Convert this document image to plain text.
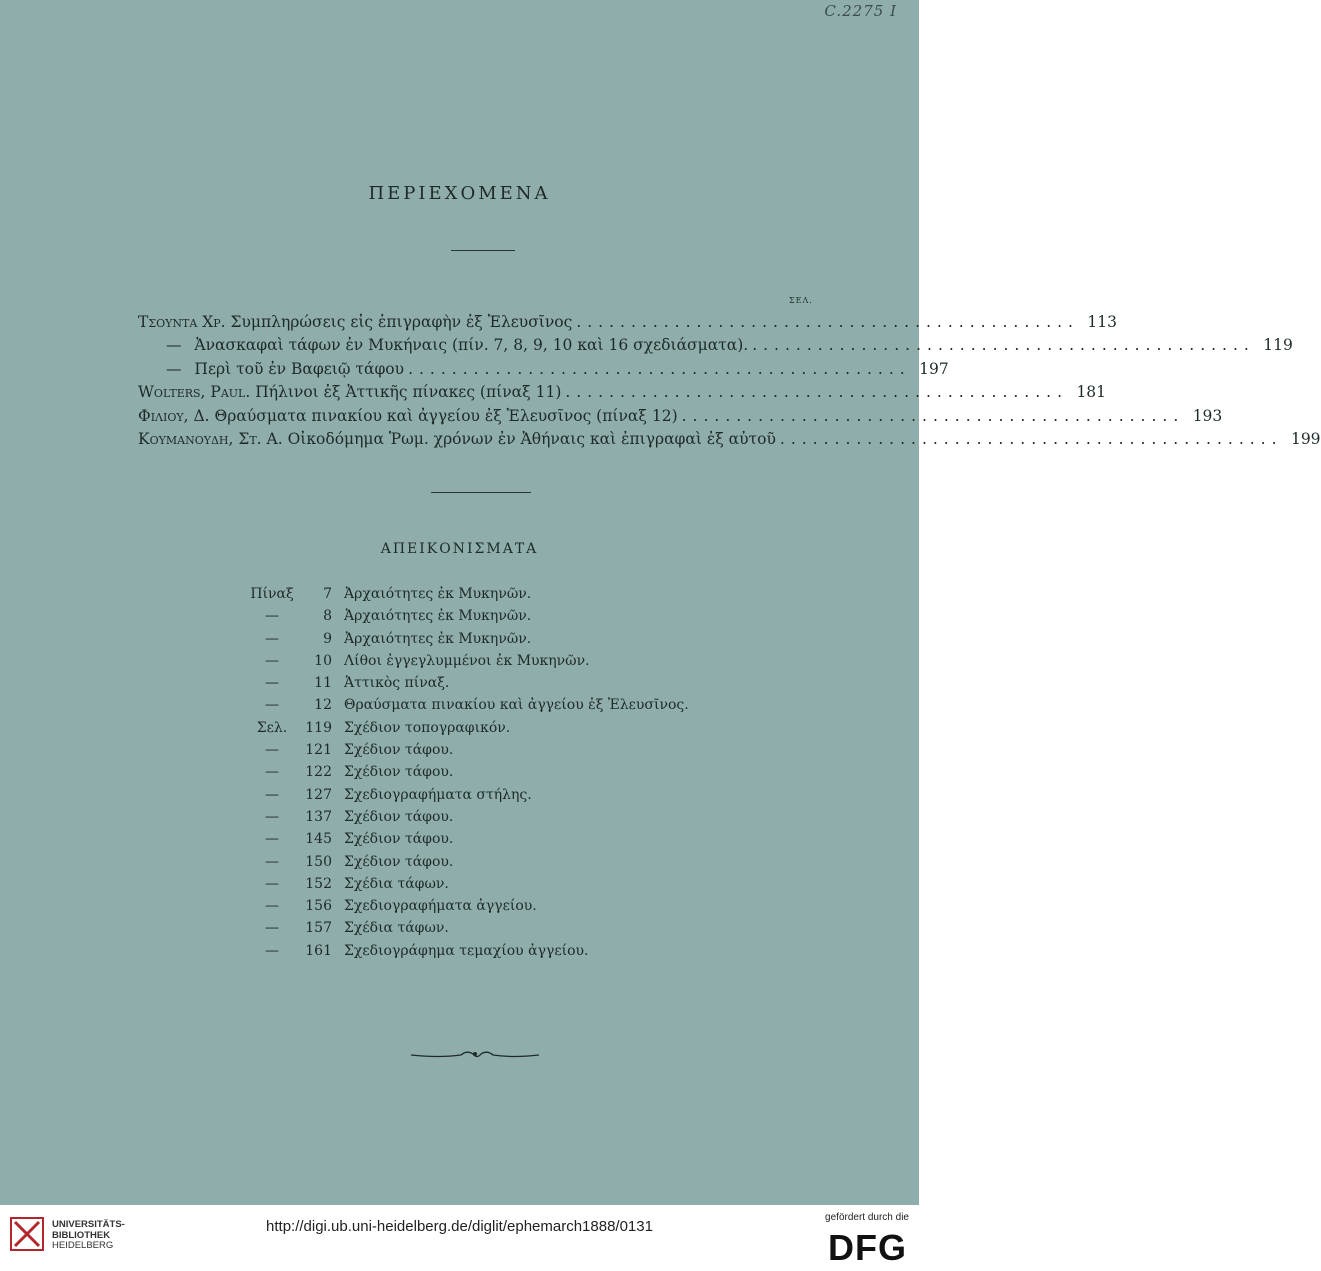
C.2275 I
ΠΕΡΙΕΧΟΜΕΝΑ
ΣΕΛ.
Τσουντα Χρ. Συμπληρώσεις εἰς ἐπιγραφὴν ἐξ Ἐλευσῖνος .............................................. 113
— Ἀνασκαφαὶ τάφων ἐν Μυκήναις (πίν. 7, 8, 9, 10 καὶ 16 σχεδιάσματα). .............................................. 119
— Περὶ τοῦ ἐν Βαφειῷ τάφου .............................................. 197
Wolters, Paul. Πήλινοι ἐξ Ἀττικῆς πίνακες (πίναξ 11) .............................................. 181
Φιλιου, Δ. Θραύσματα πινακίου καὶ ἀγγείου ἐξ Ἐλευσῖνος (πίναξ 12) .............................................. 193
Κουμανουδη, Στ. Α. Οἰκοδόμημα Ῥωμ. χρόνων ἐν Ἀθήναις καὶ ἐπιγραφαὶ ἐξ αὐτοῦ .............................................. 199
ΑΠΕΙΚΟΝΙΣΜΑΤΑ
Πίναξ	7 Ἀρχαιότητες ἐκ Μυκηνῶν.
—	8 Ἀρχαιότητες ἐκ Μυκηνῶν.
—	9 Ἀρχαιότητες ἐκ Μυκηνῶν.
—	10 Λίθοι ἐγγεγλυμμένοι ἐκ Μυκηνῶν.
—	11 Ἀττικὸς πίναξ.
—	12 Θραύσματα πινακίου καὶ ἀγγείου ἐξ Ἐλευσῖνος.
Σελ.	119 Σχέδιον τοπογραφικόν.
—	121 Σχέδιον τάφου.
—	122 Σχέδιον τάφου.
—	127 Σχεδιογραφήματα στήλης.
—	137 Σχέδιον τάφου.
—	145 Σχέδιον τάφου.
—	150 Σχέδιον τάφου.
—	152 Σχέδια τάφων.
—	156 Σχεδιογραφήματα ἀγγείου.
—	157 Σχέδια τάφων.
—	161 Σχεδιογράφημα τεμαχίου ἀγγείου.
UNIVERSITÄTS-
BIBLIOTHEK
HEIDELBERG
http://digi.ub.uni-heidelberg.de/diglit/ephemarch1888/0131
gefördert durch die
DFG
